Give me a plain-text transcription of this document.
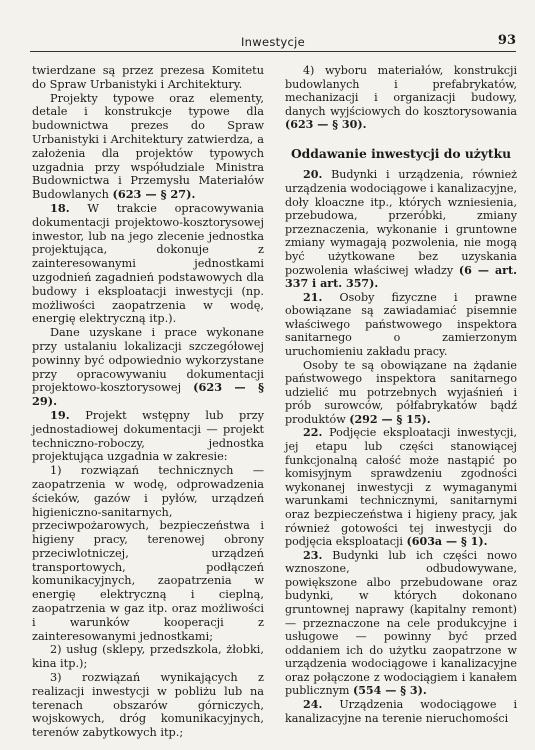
Inwestycje	93

twierdzane są przez prezesa Komitetu do Spraw Urbanistyki i Architektury.

Projekty typowe oraz elementy, detale i konstrukcje typowe dla budownictwa prezes do Spraw Urbanistyki i Architektury zatwierdza, a założenia dla projektów typowych uzgadnia przy współudziale Ministra Budownictwa i Przemysłu Materiałów Budowlanych (623 — § 27).

18. W trakcie opracowywania dokumentacji projektowo-kosztorysowej inwestor, lub na jego zlecenie jednostka projektująca, dokonuje z zainteresowanymi jednostkami uzgodnień zagadnień podstawowych dla budowy i eksploatacji inwestycji (np. możliwości zaopatrzenia w wodę, energię elektryczną itp.).

Dane uzyskane i prace wykonane przy ustalaniu lokalizacji szczegółowej powinny być odpowiednio wykorzystane przy opracowywaniu dokumentacji projektowo-kosztorysowej (623 — § 29).

19. Projekt wstępny lub przy jednostadiowej dokumentacji — projekt techniczno-roboczy, jednostka projektująca uzgadnia w zakresie:

1) rozwiązań technicznych — zaopatrzenia w wodę, odprowadzenia ścieków, gazów i pyłów, urządzeń higieniczno-sanitarnych, przeciwpożarowych, bezpieczeństwa i higieny pracy, terenowej obrony przeciwlotniczej, urządzeń transportowych, podłączeń komunikacyjnych, zaopatrzenia w energię elektryczną i cieplną, zaopatrzenia w gaz itp. oraz możliwości i warunków kooperacji z zainteresowanymi jednostkami;

2) usług (sklepy, przedszkola, żłobki, kina itp.);

3) rozwiązań wynikających z realizacji inwestycji w pobliżu lub na terenach obszarów górniczych, wojskowych, dróg komunikacyjnych, terenów zabytkowych itp.;

4) wyboru materiałów, konstrukcji budowlanych i prefabrykatów, mechanizacji i organizacji budowy, danych wyjściowych do kosztorysowania (623 — § 30).

Oddawanie inwestycji do użytku

20. Budynki i urządzenia, również urządzenia wodociągowe i kanalizacyjne, doły kloaczne itp., których wzniesienia, przebudowa, przeróbki, zmiany przeznaczenia, wykonanie i gruntowne zmiany wymagają pozwolenia, nie mogą być użytkowane bez uzyskania pozwolenia właściwej władzy (6 — art. 337 i art. 357).

21. Osoby fizyczne i prawne obowiązane są zawiadamiać pisemnie właściwego państwowego inspektora sanitarnego o zamierzonym uruchomieniu zakładu pracy.

Osoby te są obowiązane na żądanie państwowego inspektora sanitarnego udzielić mu potrzebnych wyjaśnień i prób surowców, półfabrykatów bądź produktów (292 — § 15).

22. Podjęcie eksploatacji inwestycji, jej etapu lub części stanowiącej funkcjonalną całość może nastąpić po komisyjnym sprawdzeniu zgodności wykonanej inwestycji z wymaganymi warunkami technicznymi, sanitarnymi oraz bezpieczeństwa i higieny pracy, jak również gotowości tej inwestycji do podjęcia eksploatacji (603a — § 1).

23. Budynki lub ich części nowo wznoszone, odbudowywane, powiększone albo przebudowane oraz budynki, w których dokonano gruntownej naprawy (kapitalny remont) — przeznaczone na cele produkcyjne i usługowe — powinny być przed oddaniem ich do użytku zaopatrzone w urządzenia wodociągowe i kanalizacyjne oraz połączone z wodociągiem i kanałem publicznym (554 — § 3).

24. Urządzenia wodociągowe i kanalizacyjne na terenie nieruchomości
